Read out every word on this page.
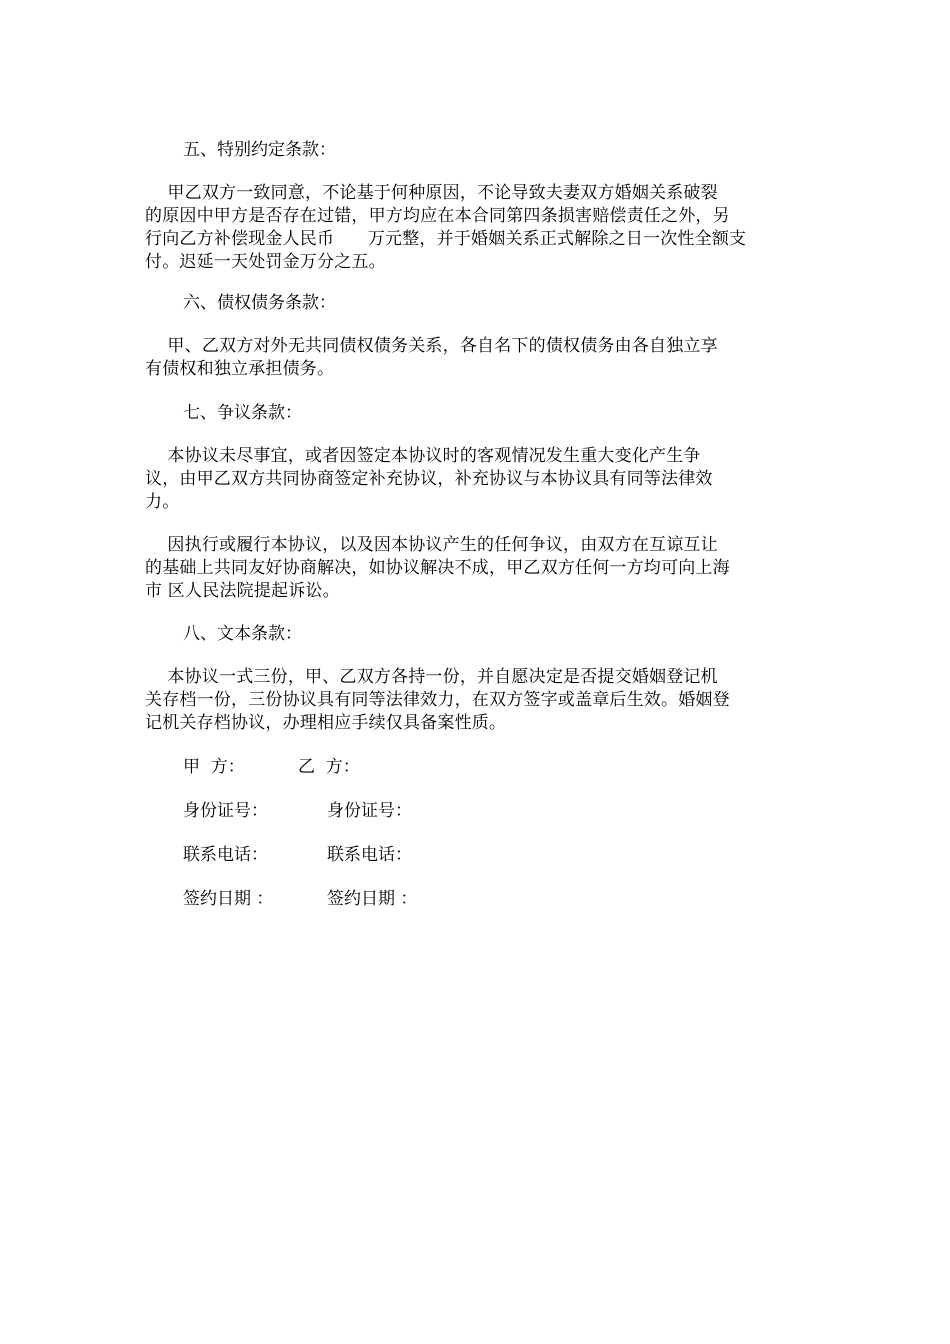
五、特别约定条款：
甲乙双方一致同意，不论基于何种原因，不论导致夫妻双方婚姻关系破裂
的原因中甲方是否存在过错，甲方均应在本合同第四条损害赔偿责任之外，另
行向乙方补偿现金人民币      万元整，并于婚姻关系正式解除之日一次性全额支
付。迟延一天处罚金万分之五。
六、债权债务条款：
甲、乙双方对外无共同债权债务关系，各自名下的债权债务由各自独立享
有债权和独立承担债务。
七、争议条款：
本协议未尽事宜，或者因签定本协议时的客观情况发生重大变化产生争
议，由甲乙双方共同协商签定补充协议，补充协议与本协议具有同等法律效
力。
因执行或履行本协议，以及因本协议产生的任何争议，由双方在互谅互让
的基础上共同友好协商解决，如协议解决不成，甲乙双方任何一方均可向上海
市 区人民法院提起诉讼。
八、文本条款：
本协议一式三份，甲、乙双方各持一份，并自愿决定是否提交婚姻登记机
关存档一份，三份协议具有同等法律效力，在双方签字或盖章后生效。婚姻登
记机关存档协议，办理相应手续仅具备案性质。
甲  方：	乙  方：
身份证号：	身份证号：
联系电话：	联系电话：
签约日期 ：	签约日期 ：
